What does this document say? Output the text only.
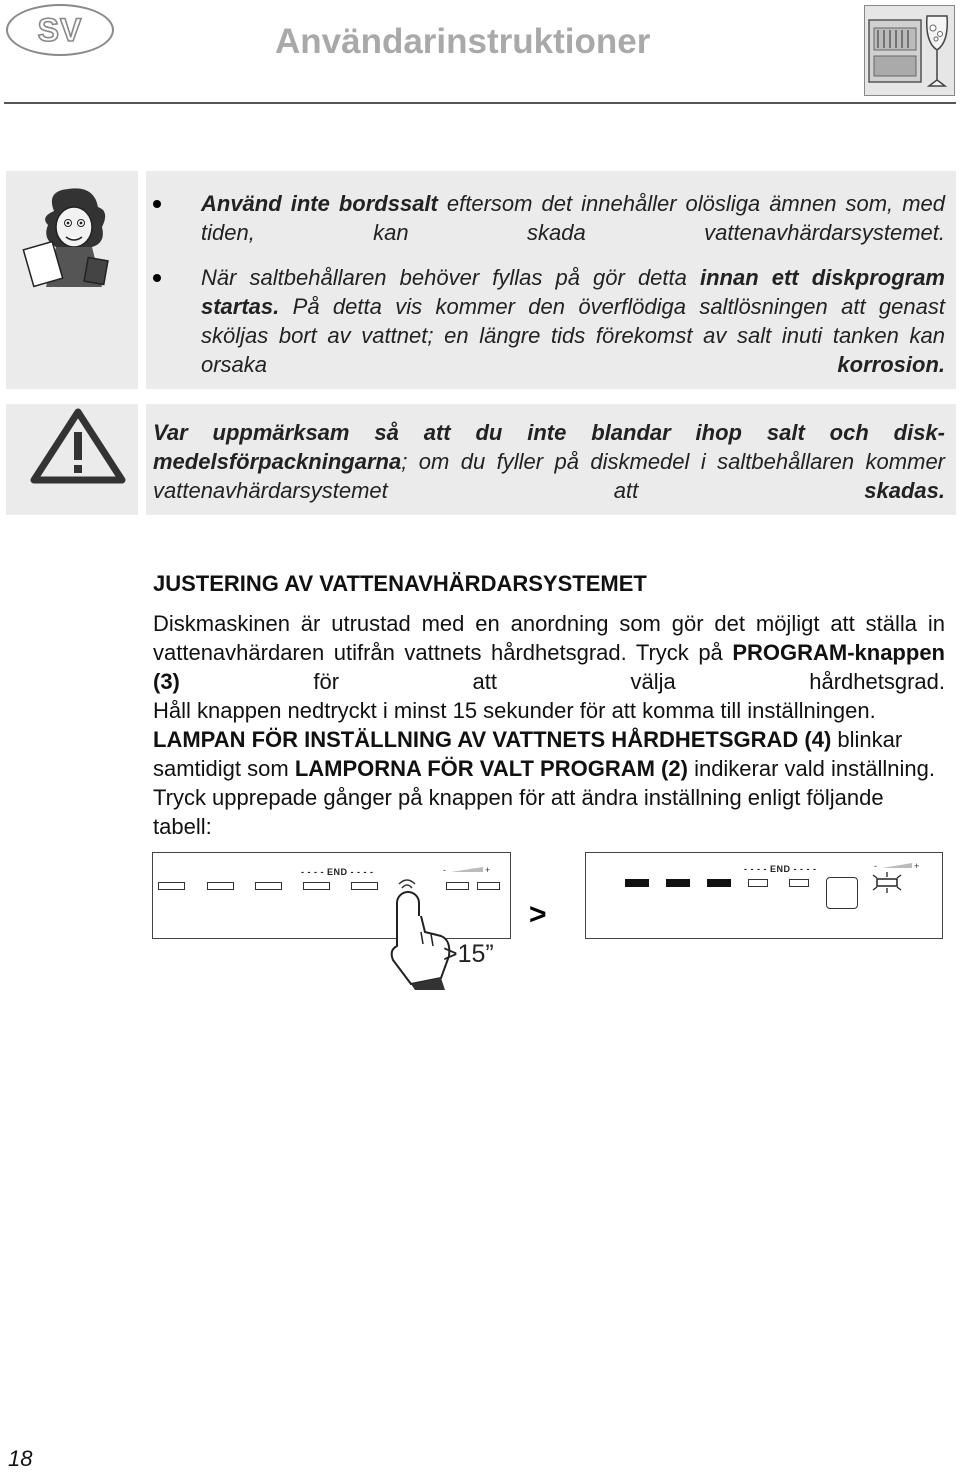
SV	Användarinstruktioner
Använd inte bordssalt eftersom det innehåller olösliga ämnen som, med tiden, kan skada vattenavhärdarsystemet.
När saltbehållaren behöver fyllas på gör detta innan ett diskprogram startas. På detta vis kommer den överflödiga saltlösningen att genast sköljas bort av vattnet; en längre tids förekomst av salt inuti tanken kan orsaka korrosion.
Var uppmärksam så att du inte blandar ihop salt och disk-medelsförpackningarna; om du fyller på diskmedel i saltbehållaren kommer vattenavhärdarsystemet att skadas.
JUSTERING AV VATTENAVHÄRDARSYSTEMET
Diskmaskinen är utrustad med en anordning som gör det möjligt att ställa in vattenavhärdaren utifrån vattnets hårdhetsgrad. Tryck på PROGRAM-knappen (3) för att välja hårdhetsgrad.
Håll knappen nedtryckt i minst 15 sekunder för att komma till inställningen. LAMPAN FÖR INSTÄLLNING AV VATTNETS HÅRDHETSGRAD (4) blinkar samtidigt som LAMPORNA FÖR VALT PROGRAM (2) indikerar vald inställning. Tryck upprepade gånger på knappen för att ändra inställning enligt följande tabell:
- - - - END - - - -	-	+
>
>15”
- - - - END - - - -	-	+
18
